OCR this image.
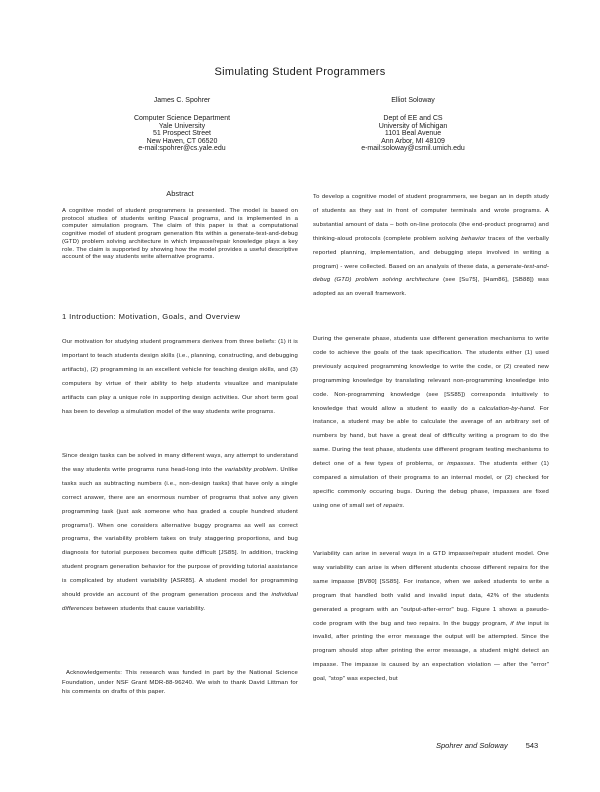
Simulating Student Programmers
James C. Spohrer	Elliot Soloway
Computer Science Department
Yale University
51 Prospect Street
New Haven, CT 06520
e-mail:spohrer@cs.yale.edu
Dept of EE and CS
University of Michigan
1101 Beal Avenue
Ann Arbor, MI 48109
e-mail:soloway@csmil.umich.edu
Abstract
A cognitive model of student programmers is presented. The model is based on protocol studies of students writing Pascal programs, and is implemented in a computer simulation program. The claim of this paper is that a computational cognitive model of student program generation fits within a generate-test-and-debug (GTD) problem solving architecture in which impasse/repair knowledge plays a key role. The claim is supported by showing how the model provides a useful descriptive account of the way students write alternative programs.
1 Introduction: Motivation, Goals, and Overview
Our motivation for studying student programmers derives from three beliefs: (1) it is important to teach students design skills (i.e., planning, constructing, and debugging artifacts), (2) programming is an excellent vehicle for teaching design skills, and (3) computers by virtue of their ability to help students visualize and manipulate artifacts can play a unique role in supporting design activities. Our short term goal has been to develop a simulation model of the way students write programs.
Since design tasks can be solved in many different ways, any attempt to understand the way students write programs runs head-long into the variability problem. Unlike tasks such as subtracting numbers (i.e., non-design tasks) that have only a single correct answer, there are an enormous number of programs that solve any given programming task (just ask someone who has graded a couple hundred student programs!). When one considers alternative buggy programs as well as correct programs, the variability problem takes on truly staggering proportions, and bug diagnosis for tutorial purposes becomes quite difficult [JS85]. In addition, tracking student program generation behavior for the purpose of providing tutorial assistance is complicated by student variability [ASR85]. A student model for programming should provide an account of the program generation process and the individual differences between students that cause variability.
Acknowledgements: This research was funded in part by the National Science Foundation, under NSF Grant MDR-88-96240. We wish to thank David Littman for his comments on drafts of this paper.
To develop a cognitive model of student programmers, we began an in depth study of students as they sat in front of computer terminals and wrote programs. A substantial amount of data – both on-line protocols (the end-product programs) and thinking-aloud protocols (complete problem solving behavior traces of the verbally reported planning, implementation, and debugging steps involved in writing a program) - were collected. Based on an analysis of these data, a generate-test-and-debug (GTD) problem solving architecture (see [Su75], [Ham86], [SB88]) was adopted as an overall framework.
During the generate phase, students use different generation mechanisms to write code to achieve the goals of the task specification. The students either (1) used previously acquired programming knowledge to write the code, or (2) created new programming knowledge by translating relevant non-programming knowledge into code. Non-programming knowledge (see [SS85]) corresponds intuitively to knowledge that would allow a student to easily do a calculation-by-hand. For instance, a student may be able to calculate the average of an arbitrary set of numbers by hand, but have a great deal of difficulty writing a program to do the same. During the test phase, students use different program testing mechanisms to detect one of a few types of problems, or impasses. The students either (1) compared a simulation of their programs to an internal model, or (2) checked for specific commonly occuring bugs. During the debug phase, impasses are fixed using one of small set of repairs.
Variability can arise in several ways in a GTD impasse/repair student model. One way variability can arise is when different students choose different repairs for the same impasse [BV80] [SS85]. For instance, when we asked students to write a program that handled both valid and invalid input data, 42% of the students generated a program with an "output-after-error" bug. Figure 1 shows a pseudo-code program with the bug and two repairs. In the buggy program, if the input is invalid, after printing the error message the output will be attempted. Since the program should stop after printing the error message, a student might detect an impasse. The impasse is caused by an expectation violation — after the "error" goal, "stop" was expected, but
Spohrer and Soloway 543
